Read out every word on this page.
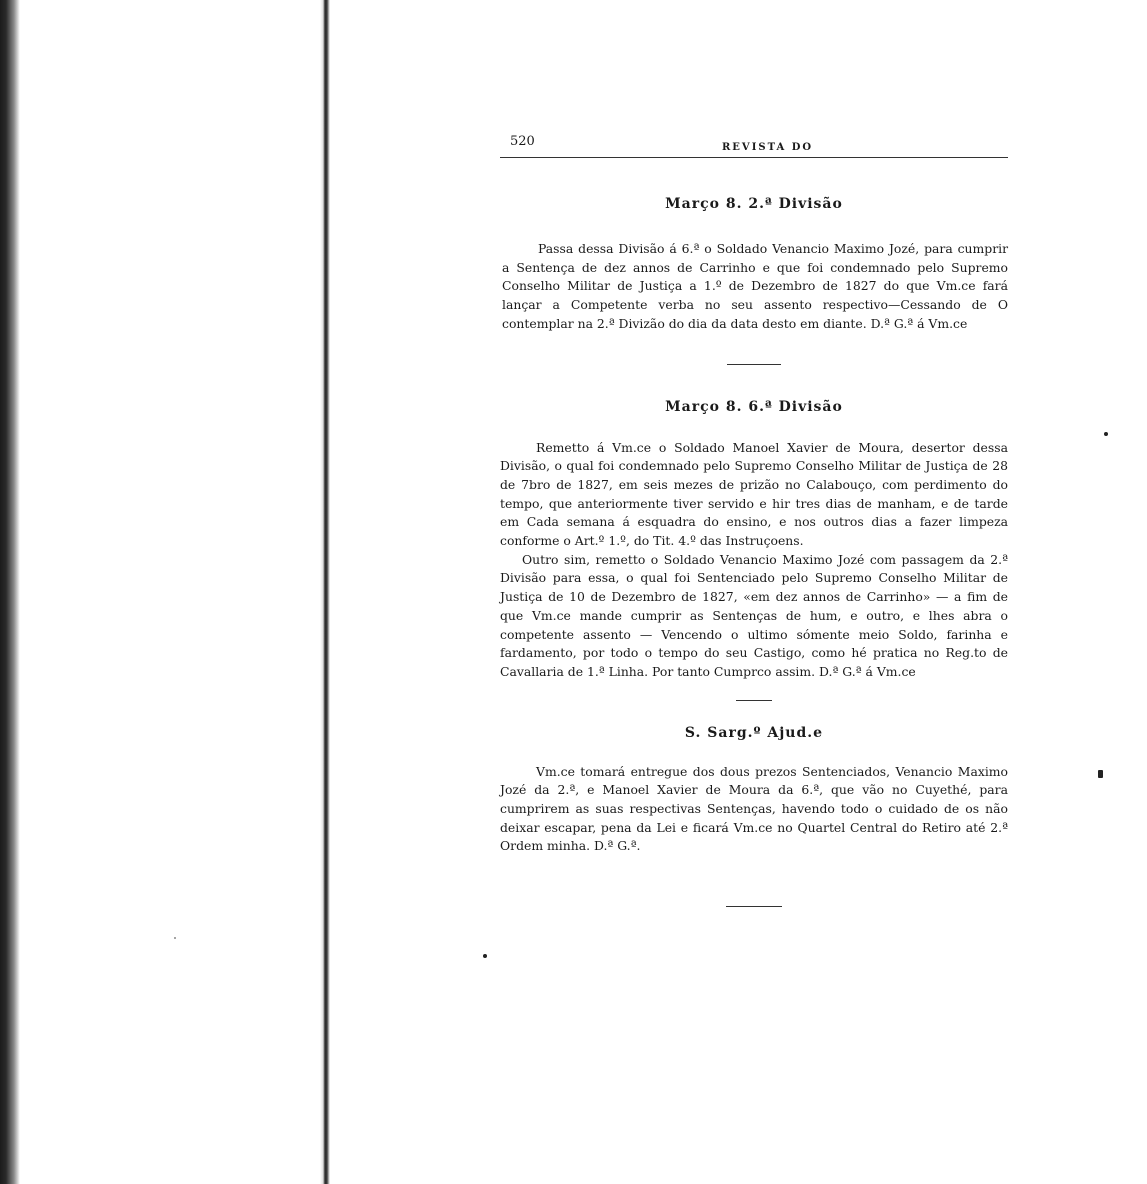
520	REVISTA DO
Março 8. 2.ª Divisão

Passa dessa Divisão á 6.ª o Soldado Venancio Maximo Jozé, para cumprir a Sentença de dez annos de Carrinho e que foi condemnado pelo Supremo Conselho Militar de Justiça a 1.º de Dezembro de 1827 do que Vm.ce fará lançar a Competente verba no seu assento respectivo—Cessando de O contemplar na 2.ª Divizão do dia da data desto em diante. D.ª G.ª á Vm.ce

Março 8. 6.ª Divisão

Remetto á Vm.ce o Soldado Manoel Xavier de Moura, desertor dessa Divisão, o qual foi condemnado pelo Supremo Conselho Militar de Justiça de 28 de 7bro de 1827, em seis mezes de prizão no Calabouço, com perdimento do tempo, que anteriormente tiver servido e hir tres dias de manham, e de tarde em Cada semana á esquadra do ensino, e nos outros dias a fazer limpeza conforme o Art.º 1.º, do Tit. 4.º das Instruçoens.

Outro sim, remetto o Soldado Venancio Maximo Jozé com passagem da 2.ª Divisão para essa, o qual foi Sentenciado pelo Supremo Conselho Militar de Justiça de 10 de Dezembro de 1827, «em dez annos de Carrinho» — a fim de que Vm.ce mande cumprir as Sentenças de hum, e outro, e lhes abra o competente assento — Vencendo o ultimo sómente meio Soldo, farinha e fardamento, por todo o tempo do seu Castigo, como hé pratica no Reg.to de Cavallaria de 1.ª Linha. Por tanto Cumprco assim. D.ª G.ª á Vm.ce

S. Sarg.º Ajud.e

Vm.ce tomará entregue dos dous prezos Sentenciados, Venancio Maximo Jozé da 2.ª, e Manoel Xavier de Moura da 6.ª, que vão no Cuyethé, para cumprirem as suas respectivas Sentenças, havendo todo o cuidado de os não deixar escapar, pena da Lei e ficará Vm.ce no Quartel Central do Retiro até 2.ª Ordem minha. D.ª G.ª.
